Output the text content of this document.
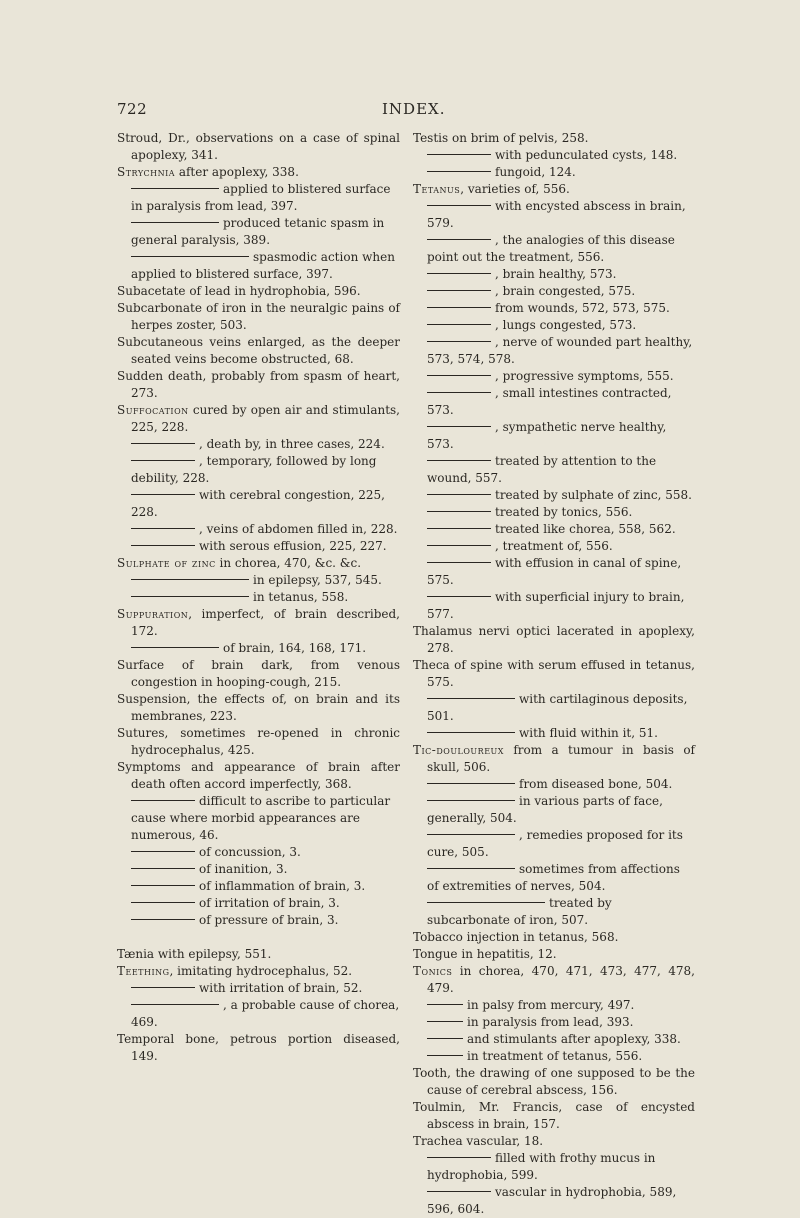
722	INDEX.
Stroud, Dr., observations on a case of spinal apoplexy, 341.
Strychnia after apoplexy, 338.
applied to blistered surface in paralysis from lead, 397.
produced tetanic spasm in general paralysis, 389.
spasmodic action when applied to blistered surface, 397.
Subacetate of lead in hydrophobia, 596.
Subcarbonate of iron in the neuralgic pains of herpes zoster, 503.
Subcutaneous veins enlarged, as the deeper seated veins become obstructed, 68.
Sudden death, probably from spasm of heart, 273.
Suffocation cured by open air and stimulants, 225, 228.
, death by, in three cases, 224.
, temporary, followed by long debility, 228.
with cerebral congestion, 225, 228.
, veins of abdomen filled in, 228.
with serous effusion, 225, 227.
Sulphate of zinc in chorea, 470, &c. &c.
in epilepsy, 537, 545.
in tetanus, 558.
Suppuration, imperfect, of brain described, 172.
of brain, 164, 168, 171.
Surface of brain dark, from venous congestion in hooping-cough, 215.
Suspension, the effects of, on brain and its membranes, 223.
Sutures, sometimes re-opened in chronic hydrocephalus, 425.
Symptoms and appearance of brain after death often accord imperfectly, 368.
difficult to ascribe to particular cause where morbid appearances are numerous, 46.
of concussion, 3.
of inanition, 3.
of inflammation of brain, 3.
of irritation of brain, 3.
of pressure of brain, 3.
Tænia with epilepsy, 551.
Teething, imitating hydrocephalus, 52.
with irritation of brain, 52.
, a probable cause of chorea, 469.
Temporal bone, petrous portion diseased, 149.
Testis on brim of pelvis, 258.
with pedunculated cysts, 148.
fungoid, 124.
Tetanus, varieties of, 556.
with encysted abscess in brain, 579.
, the analogies of this disease point out the treatment, 556.
, brain healthy, 573.
, brain congested, 575.
from wounds, 572, 573, 575.
, lungs congested, 573.
, nerve of wounded part healthy, 573, 574, 578.
, progressive symptoms, 555.
, small intestines contracted, 573.
, sympathetic nerve healthy, 573.
treated by attention to the wound, 557.
treated by sulphate of zinc, 558.
treated by tonics, 556.
treated like chorea, 558, 562.
, treatment of, 556.
with effusion in canal of spine, 575.
with superficial injury to brain, 577.
Thalamus nervi optici lacerated in apoplexy, 278.
Theca of spine with serum effused in tetanus, 575.
with cartilaginous deposits, 501.
with fluid within it, 51.
Tic-douloureux from a tumour in basis of skull, 506.
from diseased bone, 504.
in various parts of face, generally, 504.
, remedies proposed for its cure, 505.
sometimes from affections of extremities of nerves, 504.
treated by subcarbonate of iron, 507.
Tobacco injection in tetanus, 568.
Tongue in hepatitis, 12.
Tonics in chorea, 470, 471, 473, 477, 478, 479.
in palsy from mercury, 497.
in paralysis from lead, 393.
and stimulants after apoplexy, 338.
in treatment of tetanus, 556.
Tooth, the drawing of one supposed to be the cause of cerebral abscess, 156.
Toulmin, Mr. Francis, case of encysted abscess in brain, 157.
Trachea vascular, 18.
filled with frothy mucus in hydrophobia, 599.
vascular in hydrophobia, 589, 596, 604.
